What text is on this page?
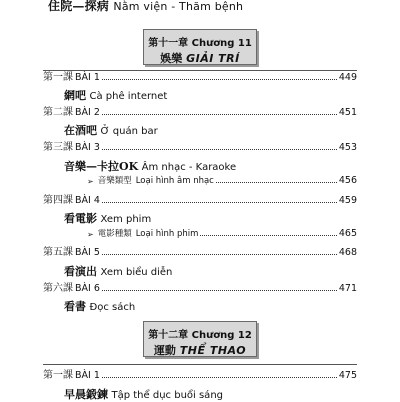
住院—探病 Nằm viện - Thăm bệnh
第十一章 Chương 11
娛樂 GIẢI TRÍ
第一課 BÀI 1	449
網吧 Cà phê internet
第二課 BÀI 2	451
在酒吧 Ở quán bar
第三課 BÀI 3	453
音樂—卡拉OK Âm nhạc - Karaoke
➢ 音樂類型 Loại hình âm nhạc	456
第四課 BÀI 4	459
看電影 Xem phim
➢ 電影種類 Loại hình phim	465
第五課 BÀI 5	468
看演出 Xem biểu diễn
第六課 BÀI 6	471
看書 Đọc sách
第十二章 Chương 12
運動 THỂ THAO
第一課 BÀI 1	475
早晨鍛鍊 Tập thể dục buổi sáng
